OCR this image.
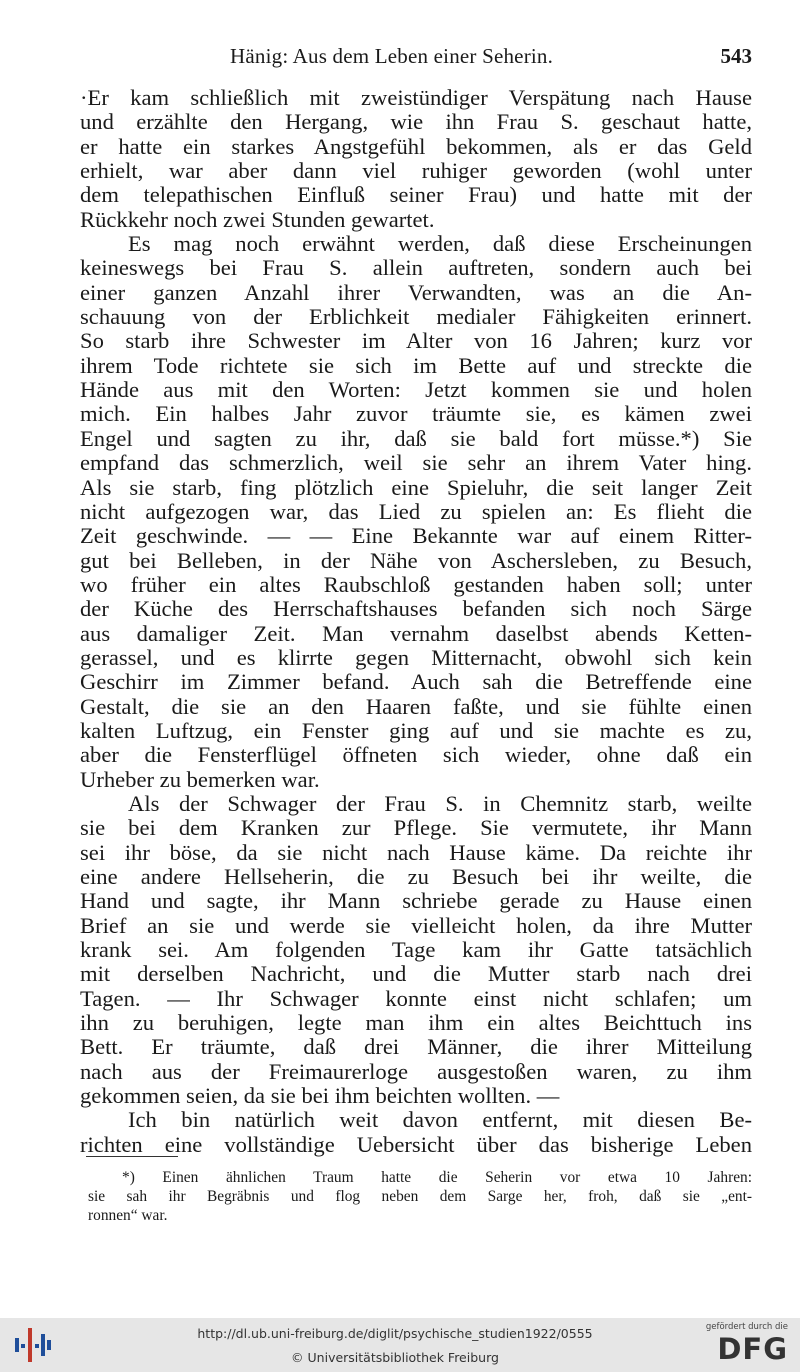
Hänig: Aus dem Leben einer Seherin.	543

·Er kam schließlich mit zweistündiger Verspätung nach Hause
und erzählte den Hergang, wie ihn Frau S. geschaut hatte,
er hatte ein starkes Angstgefühl bekommen, als er das Geld
erhielt, war aber dann viel ruhiger geworden (wohl unter
dem telepathischen Einfluß seiner Frau) und hatte mit der
Rückkehr noch zwei Stunden gewartet.

Es mag noch erwähnt werden, daß diese Erscheinungen
keineswegs bei Frau S. allein auftreten, sondern auch bei
einer ganzen Anzahl ihrer Verwandten, was an die An-
schauung von der Erblichkeit medialer Fähigkeiten erinnert.
So starb ihre Schwester im Alter von 16 Jahren; kurz vor
ihrem Tode richtete sie sich im Bette auf und streckte die
Hände aus mit den Worten: Jetzt kommen sie und holen
mich. Ein halbes Jahr zuvor träumte sie, es kämen zwei
Engel und sagten zu ihr, daß sie bald fort müsse.*) Sie
empfand das schmerzlich, weil sie sehr an ihrem Vater hing.
Als sie starb, fing plötzlich eine Spieluhr, die seit langer Zeit
nicht aufgezogen war, das Lied zu spielen an: Es flieht die
Zeit geschwinde. — — Eine Bekannte war auf einem Ritter-
gut bei Belleben, in der Nähe von Aschersleben, zu Besuch,
wo früher ein altes Raubschloß gestanden haben soll; unter
der Küche des Herrschaftshauses befanden sich noch Särge
aus damaliger Zeit. Man vernahm daselbst abends Ketten-
gerassel, und es klirrte gegen Mitternacht, obwohl sich kein
Geschirr im Zimmer befand. Auch sah die Betreffende eine
Gestalt, die sie an den Haaren faßte, und sie fühlte einen
kalten Luftzug, ein Fenster ging auf und sie machte es zu,
aber die Fensterflügel öffneten sich wieder, ohne daß ein
Urheber zu bemerken war.

Als der Schwager der Frau S. in Chemnitz starb, weilte
sie bei dem Kranken zur Pflege. Sie vermutete, ihr Mann
sei ihr böse, da sie nicht nach Hause käme. Da reichte ihr
eine andere Hellseherin, die zu Besuch bei ihr weilte, die
Hand und sagte, ihr Mann schriebe gerade zu Hause einen
Brief an sie und werde sie vielleicht holen, da ihre Mutter
krank sei. Am folgenden Tage kam ihr Gatte tatsächlich
mit derselben Nachricht, und die Mutter starb nach drei
Tagen. — Ihr Schwager konnte einst nicht schlafen; um
ihn zu beruhigen, legte man ihm ein altes Beichttuch ins
Bett. Er träumte, daß drei Männer, die ihrer Mitteilung
nach aus der Freimaurerloge ausgestoßen waren, zu ihm
gekommen seien, da sie bei ihm beichten wollten. —

Ich bin natürlich weit davon entfernt, mit diesen Be-
richten eine vollständige Uebersicht über das bisherige Leben

*) Einen ähnlichen Traum hatte die Seherin vor etwa 10 Jahren:
sie sah ihr Begräbnis und flog neben dem Sarge her, froh, daß sie „ent-
ronnen“ war.
http://dl.ub.uni-freiburg.de/diglit/psychische_studien1922/0555
© Universitätsbibliothek Freiburg
gefördert durch die
DFG
